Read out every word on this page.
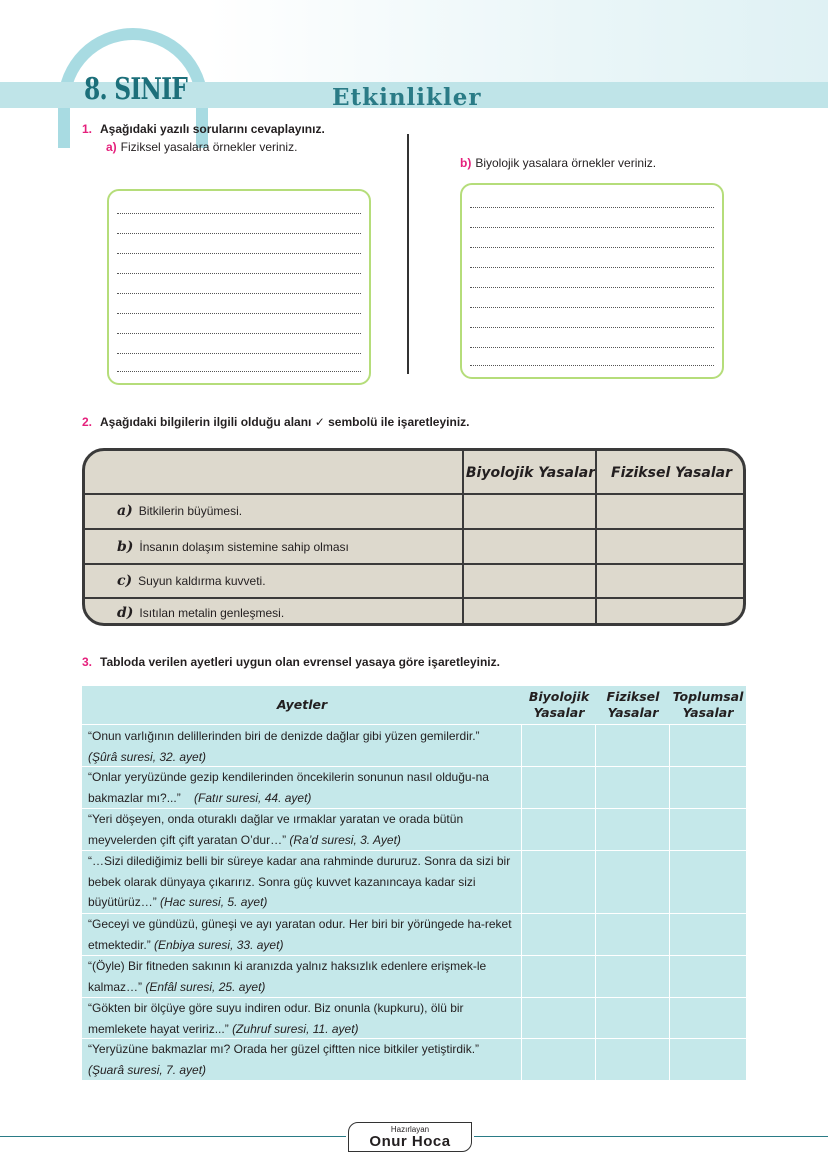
8. SINIF	Etkinlikler
1. Aşağıdaki yazılı sorularını cevaplayınız.
a) Fiziksel yasalara örnekler veriniz.
b) Biyolojik yasalara örnekler veriniz.
2. Aşağıdaki bilgilerin ilgili olduğu alanı ✓ sembolü ile işaretleyiniz.
Biyolojik Yasalar	Fiziksel Yasalar
a) Bitkilerin büyümesi.
b) İnsanın dolaşım sistemine sahip olması
c) Suyun kaldırma kuvveti.
d) Isıtılan metalin genleşmesi.
3. Tabloda verilen ayetleri uygun olan evrensel yasaya göre işaretleyiniz.
Ayetler
Biyolojik
Yasalar
Fiziksel
Yasalar
Toplumsal
Yasalar
“Onun varlığının delillerinden biri de denizde dağlar gibi yüzen gemilerdir.”
(Şûrâ suresi, 32. ayet)
“Onlar yeryüzünde gezip kendilerinden öncekilerin sonunun nasıl olduğu-na bakmazlar mı?...” (Fatır suresi, 44. ayet)
“Yeri döşeyen, onda oturaklı dağlar ve ırmaklar yaratan ve orada bütün meyvelerden çift çift yaratan O’dur…” (Ra’d suresi, 3. Ayet)
“…Sizi dilediğimiz belli bir süreye kadar ana rahminde dururuz. Sonra da sizi bir bebek olarak dünyaya çıkarırız. Sonra güç kuvvet kazanıncaya kadar sizi büyütürüz…” (Hac suresi, 5. ayet)
“Geceyi ve gündüzü, güneşi ve ayı yaratan odur. Her biri bir yörüngede ha-reket etmektedir.” (Enbiya suresi, 33. ayet)
“(Öyle) Bir fitneden sakının ki aranızda yalnız haksızlık edenlere erişmek-le kalmaz…” (Enfâl suresi, 25. ayet)
“Gökten bir ölçüye göre suyu indiren odur. Biz onunla (kupkuru), ölü bir memlekete hayat veririz...” (Zuhruf suresi, 11. ayet)
“Yeryüzüne bakmazlar mı? Orada her güzel çiftten nice bitkiler yetiştirdik.”
(Şuarâ suresi, 7. ayet)
Hazırlayan
Onur Hoca
